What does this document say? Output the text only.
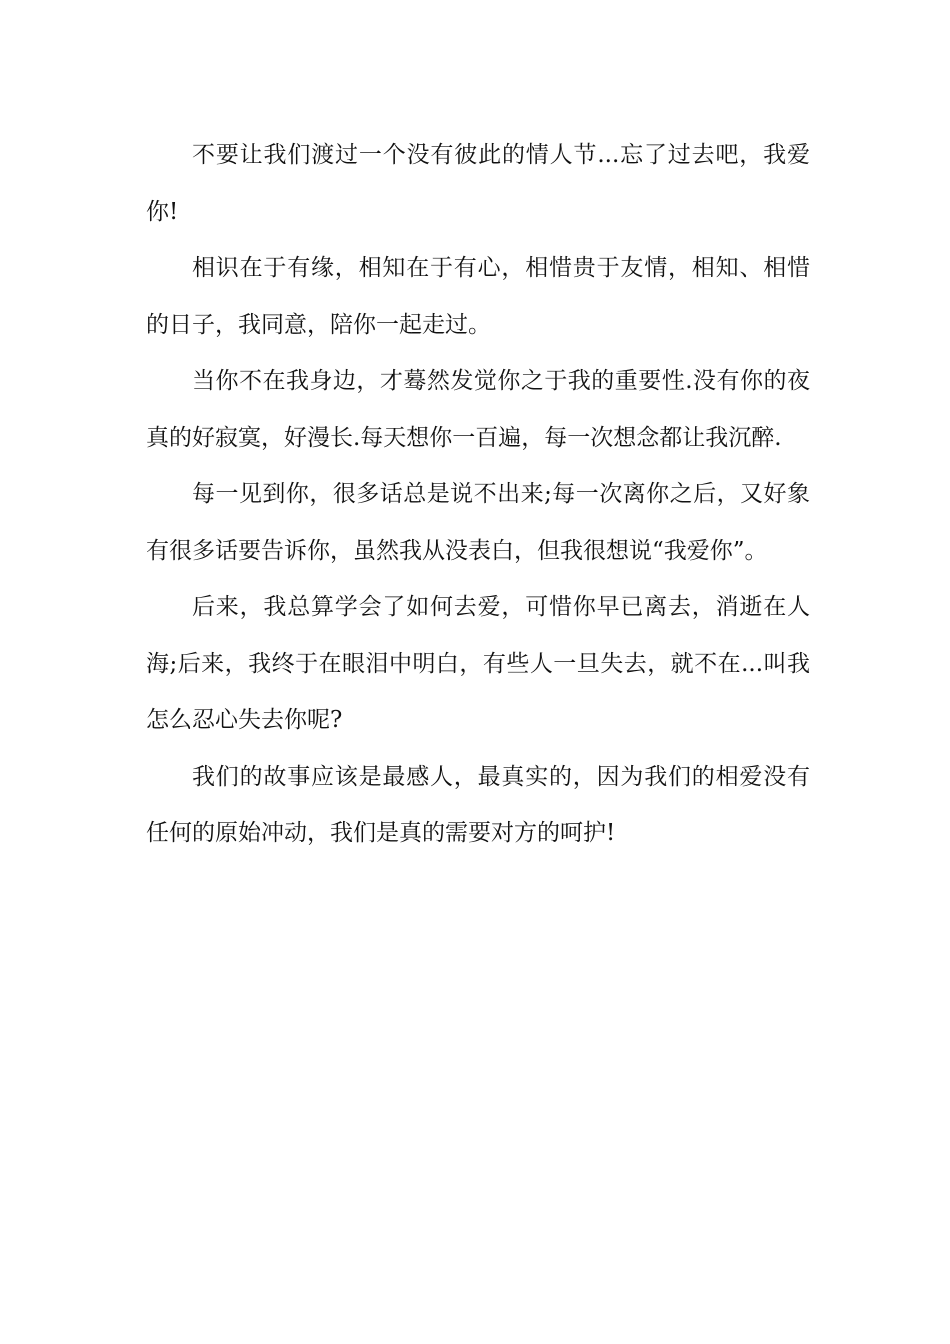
不要让我们渡过一个没有彼此的情人节...忘了过去吧，我爱你!

相识在于有缘，相知在于有心，相惜贵于友情，相知、相惜的日子，我同意，陪你一起走过。

当你不在我身边，才蓦然发觉你之于我的重要性.没有你的夜真的好寂寞，好漫长.每天想你一百遍，每一次想念都让我沉醉.

每一见到你，很多话总是说不出来;每一次离你之后，又好象有很多话要告诉你，虽然我从没表白，但我很想说“我爱你”。

后来，我总算学会了如何去爱，可惜你早已离去，消逝在人海;后来，我终于在眼泪中明白，有些人一旦失去，就不在...叫我怎么忍心失去你呢?

我们的故事应该是最感人，最真实的，因为我们的相爱没有任何的原始冲动，我们是真的需要对方的呵护!
